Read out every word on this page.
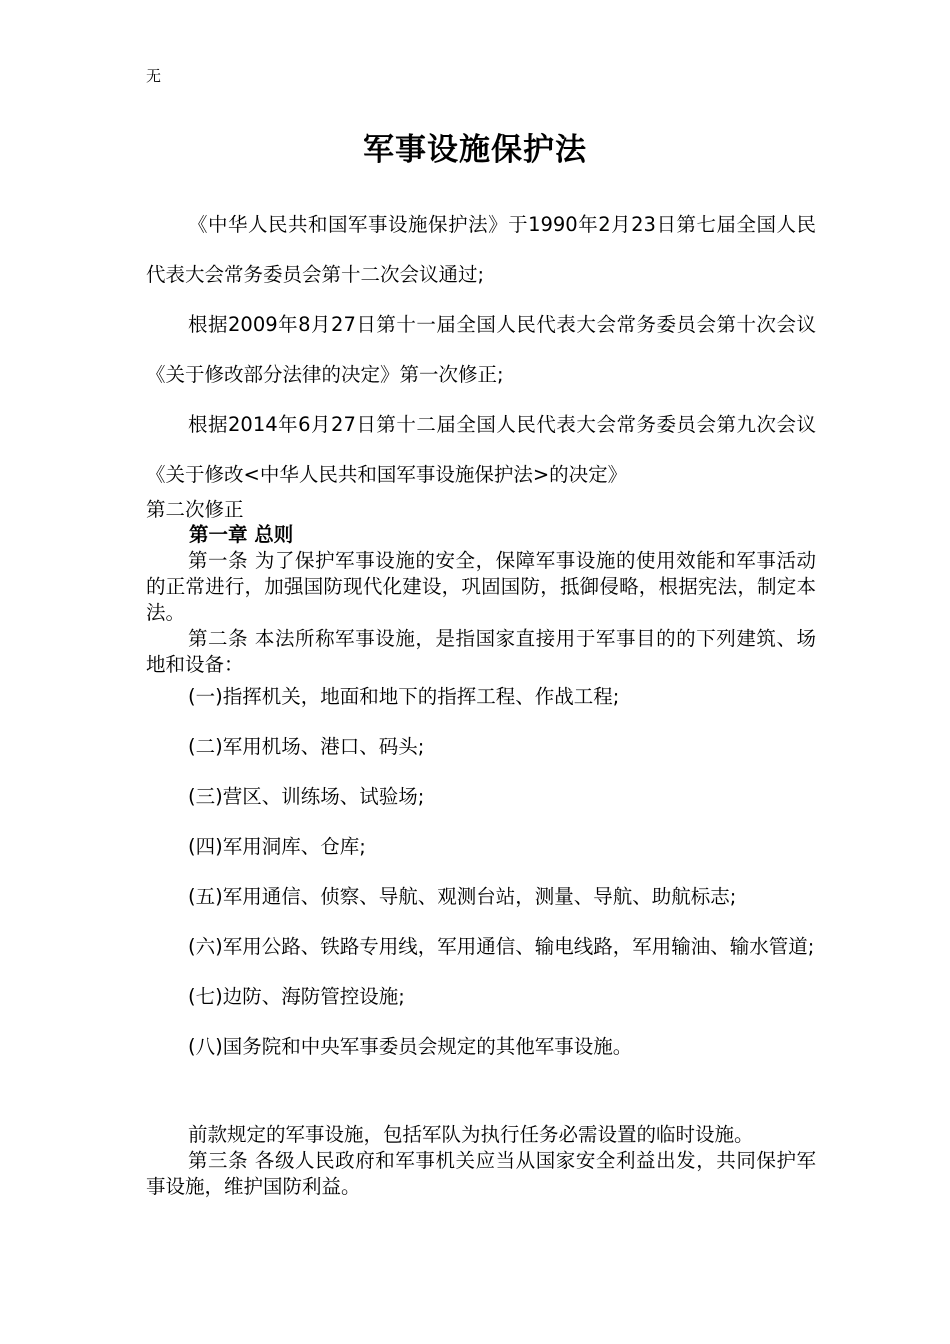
无
军事设施保护法

《中华人民共和国军事设施保护法》于1990年2月23日第七届全国人民代表大会常务委员会第十二次会议通过;

根据2009年8月27日第十一届全国人民代表大会常务委员会第十次会议《关于修改部分法律的决定》第一次修正;

根据2014年6月27日第十二届全国人民代表大会常务委员会第九次会议《关于修改<中华人民共和国军事设施保护法>的决定》

第二次修正
第一章 总则

第一条 为了保护军事设施的安全，保障军事设施的使用效能和军事活动的正常进行，加强国防现代化建设，巩固国防，抵御侵略，根据宪法，制定本法。

第二条 本法所称军事设施，是指国家直接用于军事目的的下列建筑、场地和设备：

(一)指挥机关，地面和地下的指挥工程、作战工程;

(二)军用机场、港口、码头;

(三)营区、训练场、试验场;

(四)军用洞库、仓库;

(五)军用通信、侦察、导航、观测台站，测量、导航、助航标志;

(六)军用公路、铁路专用线，军用通信、输电线路，军用输油、输水管道;

(七)边防、海防管控设施;

(八)国务院和中央军事委员会规定的其他军事设施。

前款规定的军事设施，包括军队为执行任务必需设置的临时设施。

第三条 各级人民政府和军事机关应当从国家安全利益出发，共同保护军事设施，维护国防利益。
